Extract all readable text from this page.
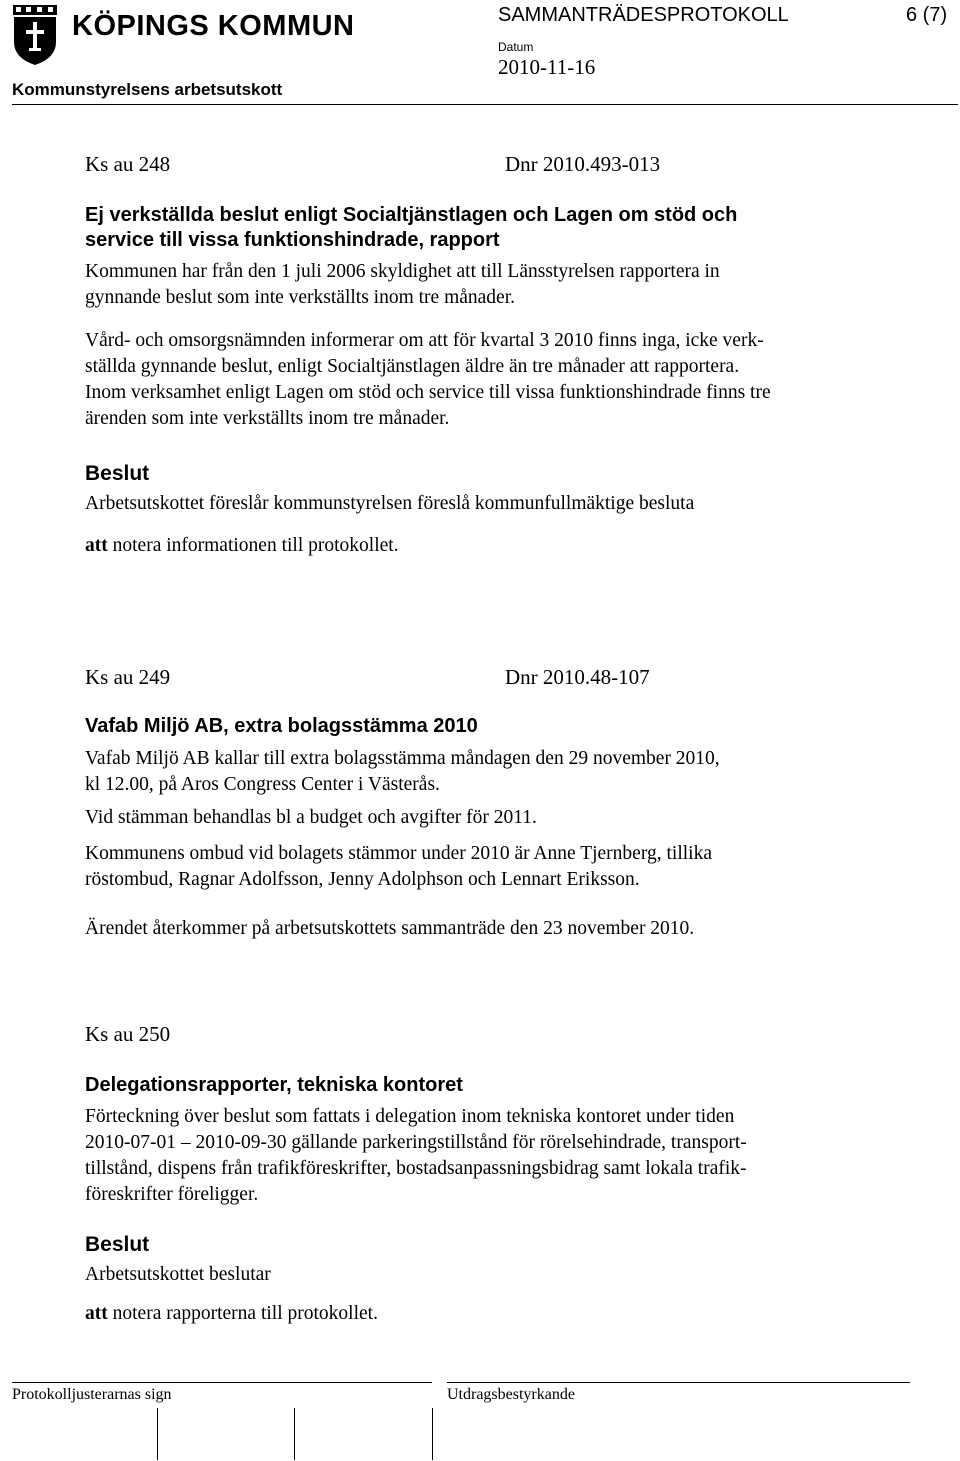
KÖPINGS KOMMUN
Kommunstyrelsens arbetsutskott
SAMMANTRÄDESPROTOKOLL	6 (7)
Datum
2010-11-16
Ks au 248	Dnr 2010.493-013
Ej verkställda beslut enligt Socialtjänstlagen och Lagen om stöd och
service till vissa funktionshindrade, rapport
Kommunen har från den 1 juli 2006 skyldighet att till Länsstyrelsen rapportera in
gynnande beslut som inte verkställts inom tre månader.
Vård- och omsorgsnämnden informerar om att för kvartal 3 2010 finns inga, icke verk-
ställda gynnande beslut, enligt Socialtjänstlagen äldre än tre månader att rapportera.
Inom verksamhet enligt Lagen om stöd och service till vissa funktionshindrade finns tre
ärenden som inte verkställts inom tre månader.
Beslut
Arbetsutskottet föreslår kommunstyrelsen föreslå kommunfullmäktige besluta
att notera informationen till protokollet.
Ks au 249	Dnr 2010.48-107
Vafab Miljö AB, extra bolagsstämma 2010
Vafab Miljö AB kallar till extra bolagsstämma måndagen den 29 november 2010,
kl 12.00, på Aros Congress Center i Västerås.
Vid stämman behandlas bl a budget och avgifter för 2011.
Kommunens ombud vid bolagets stämmor under 2010 är Anne Tjernberg, tillika
röstombud, Ragnar Adolfsson, Jenny Adolphson och Lennart Eriksson.
Ärendet återkommer på arbetsutskottets sammanträde den 23 november 2010.
Ks au 250
Delegationsrapporter, tekniska kontoret
Förteckning över beslut som fattats i delegation inom tekniska kontoret under tiden
2010-07-01 – 2010-09-30 gällande parkeringstillstånd för rörelsehindrade, transport-
tillstånd, dispens från trafikföreskrifter, bostadsanpassningsbidrag samt lokala trafik-
föreskrifter föreligger.
Beslut
Arbetsutskottet beslutar
att notera rapporterna till protokollet.
Protokolljusterarnas sign	Utdragsbestyrkande
